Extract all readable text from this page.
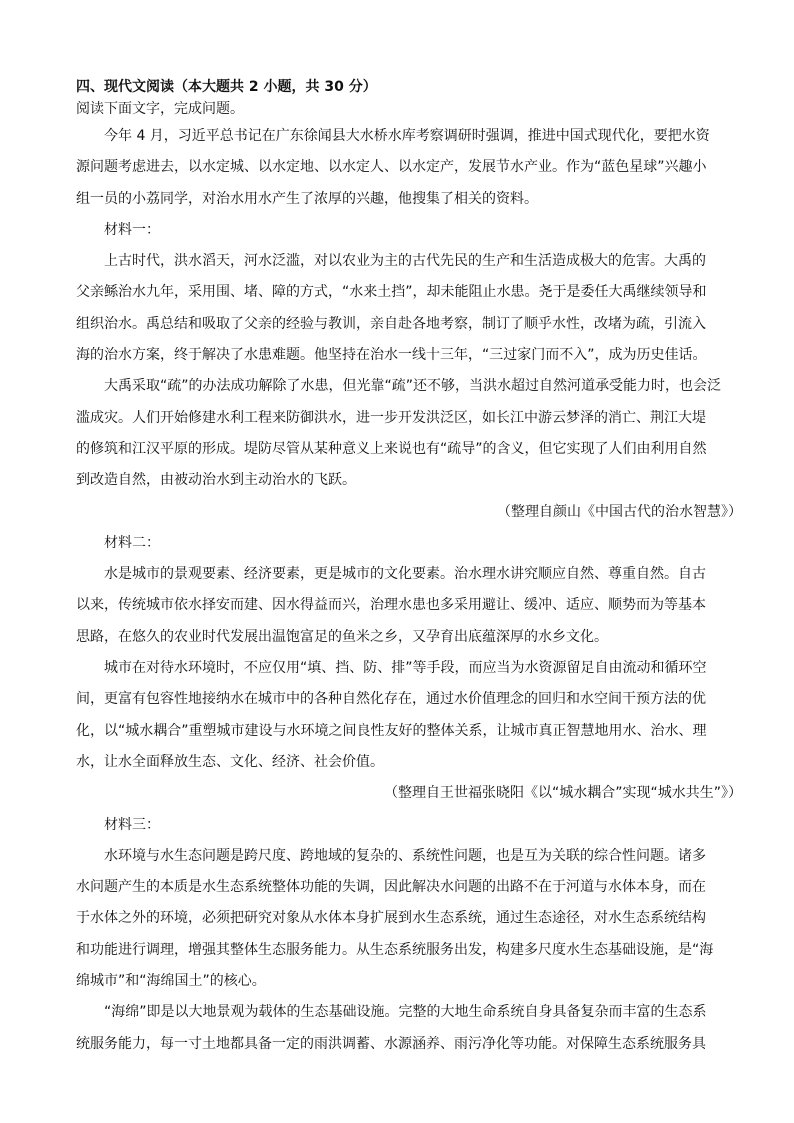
四、现代文阅读（本大题共 2 小题，共 30 分）
阅读下面文字，完成问题。
今年 4 月，习近平总书记在广东徐闻县大水桥水库考察调研时强调，推进中国式现代化，要把水资
源问题考虑进去，以水定城、以水定地、以水定人、以水定产，发展节水产业。作为“蓝色星球”兴趣小
组一员的小荔同学，对治水用水产生了浓厚的兴趣，他搜集了相关的资料。
材料一：
上古时代，洪水滔天，河水泛滥，对以农业为主的古代先民的生产和生活造成极大的危害。大禹的
父亲鲧治水九年，采用围、堵、障的方式，“水来土挡”，却未能阻止水患。尧于是委任大禹继续领导和
组织治水。禹总结和吸取了父亲的经验与教训，亲自赴各地考察，制订了顺乎水性，改堵为疏，引流入
海的治水方案，终于解决了水患难题。他坚持在治水一线十三年，“三过家门而不入”，成为历史佳话。
大禹采取“疏”的办法成功解除了水患，但光靠“疏”还不够，当洪水超过自然河道承受能力时，也会泛
滥成灾。人们开始修建水利工程来防御洪水，进一步开发洪泛区，如长江中游云梦泽的消亡、荆江大堤
的修筑和江汉平原的形成。堤防尽管从某种意义上来说也有“疏导”的含义，但它实现了人们由利用自然
到改造自然，由被动治水到主动治水的飞跃。
（整理自颜山《中国古代的治水智慧》）
材料二：
水是城市的景观要素、经济要素，更是城市的文化要素。治水理水讲究顺应自然、尊重自然。自古
以来，传统城市依水择安而建、因水得益而兴，治理水患也多采用避让、缓冲、适应、顺势而为等基本
思路，在悠久的农业时代发展出温饱富足的鱼米之乡，又孕育出底蕴深厚的水乡文化。
城市在对待水环境时，不应仅用“填、挡、防、排”等手段，而应当为水资源留足自由流动和循环空
间，更富有包容性地接纳水在城市中的各种自然化存在，通过水价值理念的回归和水空间干预方法的优
化，以“城水耦合”重塑城市建设与水环境之间良性友好的整体关系，让城市真正智慧地用水、治水、理
水，让水全面释放生态、文化、经济、社会价值。
（整理自王世福张晓阳《以“城水耦合”实现“城水共生”》）
材料三：
水环境与水生态问题是跨尺度、跨地域的复杂的、系统性问题，也是互为关联的综合性问题。诸多
水问题产生的本质是水生态系统整体功能的失调，因此解决水问题的出路不在于河道与水体本身，而在
于水体之外的环境，必须把研究对象从水体本身扩展到水生态系统，通过生态途径，对水生态系统结构
和功能进行调理，增强其整体生态服务能力。从生态系统服务出发，构建多尺度水生态基础设施，是“海
绵城市”和“海绵国土”的核心。
“海绵”即是以大地景观为载体的生态基础设施。完整的大地生命系统自身具备复杂而丰富的生态系
统服务能力，每一寸土地都具备一定的雨洪调蓄、水源涵养、雨污净化等功能。对保障生态系统服务具
